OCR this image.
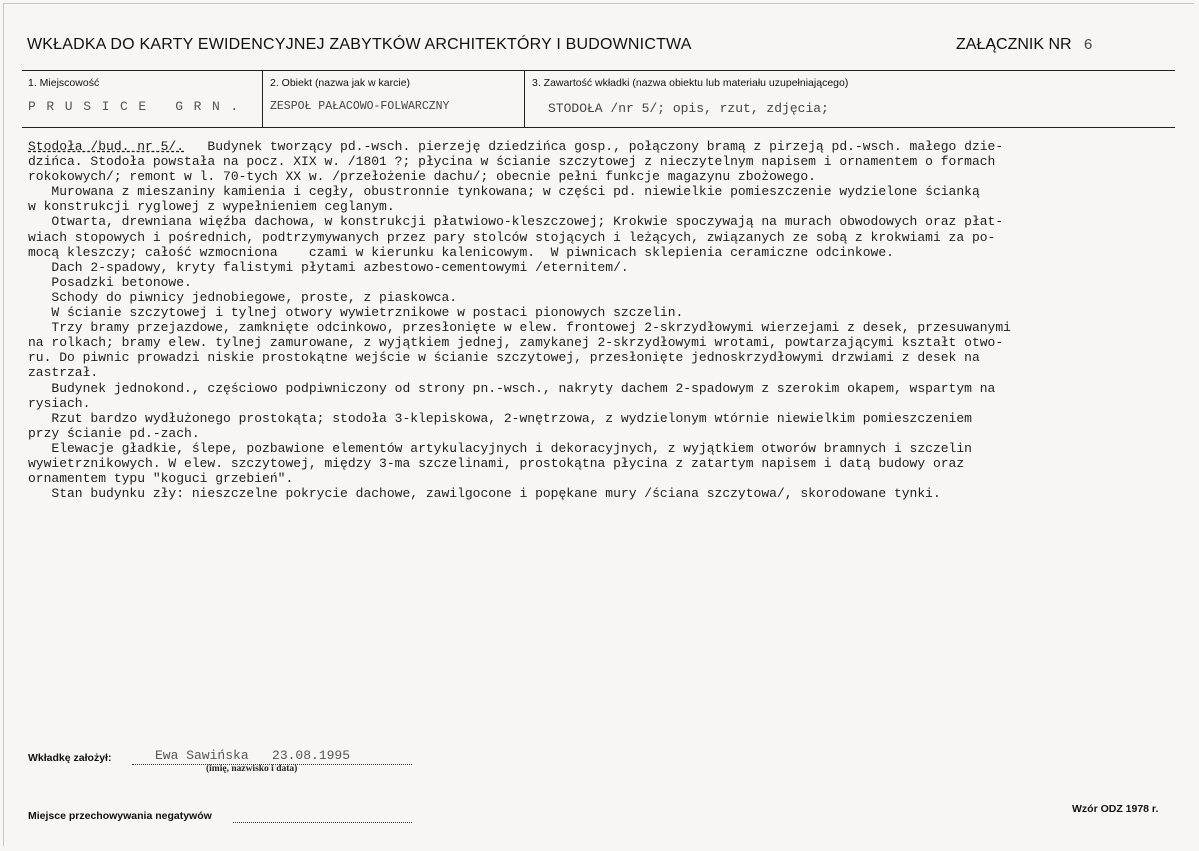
WKŁADKA DO KARTY EWIDENCYJNEJ ZABYTKÓW ARCHITEKTÓRY I BUDOWNICTWA	ZAŁĄCZNIK NR 6
1. Miejscowość
P R U S I C E   G R N .
2. Obiekt (nazwa jak w karcie)
ZESPOŁ PAŁACOWO-FOLWARCZNY
3. Zawartość wkładki (nazwa obiektu lub materiału uzupełniającego)
STODOŁA /nr 5/; opis, rzut, zdjęcia;
Stodoła /bud. nr 5/.   Budynek tworzący pd.-wsch. pierzeję dziedzińca gosp., połączony bramą z pirzeją pd.-wsch. małego dzie-
dzińca. Stodoła powstała na pocz. XIX w. /1801 ?; płycina w ścianie szczytowej z nieczytelnym napisem i ornamentem o formach
rokokowych/; remont w l. 70-tych XX w. /przełożenie dachu/; obecnie pełni funkcje magazynu zbożowego.
Murowana z mieszaniny kamienia i cegły, obustronnie tynkowana; w części pd. niewielkie pomieszczenie wydzielone ścianką
w konstrukcji ryglowej z wypełnieniem ceglanym.
Otwarta, drewniana więźba dachowa, w konstrukcji płatwiowo-kleszczowej; Krokwie spoczywają na murach obwodowych oraz płat-
wiach stopowych i pośrednich, podtrzymywanych przez pary stolców stojących i leżących, związanych ze sobą z krokwiami za po-
mocą kleszczy; całość wzmocniona    czami w kierunku kalenicowym.  W piwnicach sklepienia ceramiczne odcinkowe.
Dach 2-spadowy, kryty falistymi płytami azbestowo-cementowymi /eternitem/.
Posadzki betonowe.
Schody do piwnicy jednobiegowe, proste, z piaskowca.
W ścianie szczytowej i tylnej otwory wywietrznikowe w postaci pionowych szczelin.
Trzy bramy przejazdowe, zamknięte odcinkowo, przesłonięte w elew. frontowej 2-skrzydłowymi wierzejami z desek, przesuwanymi
na rolkach; bramy elew. tylnej zamurowane, z wyjątkiem jednej, zamykanej 2-skrzydłowymi wrotami, powtarzającymi kształt otwo-
ru. Do piwnic prowadzi niskie prostokątne wejście w ścianie szczytowej, przesłonięte jednoskrzydłowymi drzwiami z desek na
zastrzał.
Budynek jednokond., częściowo podpiwniczony od strony pn.-wsch., nakryty dachem 2-spadowym z szerokim okapem, wspartym na
rysiach.
Rzut bardzo wydłużonego prostokąta; stodoła 3-klepiskowa, 2-wnętrzowa, z wydzielonym wtórnie niewielkim pomieszczeniem
przy ścianie pd.-zach.
Elewacje gładkie, ślepe, pozbawione elementów artykulacyjnych i dekoracyjnych, z wyjątkiem otworów bramnych i szczelin
wywietrznikowych. W elew. szczytowej, między 3-ma szczelinami, prostokątna płycina z zatartym napisem i datą budowy oraz
ornamentem typu "koguci grzebień".
Stan budynku zły: nieszczelne pokrycie dachowe, zawilgocone i popękane mury /ściana szczytowa/, skorodowane tynki.
Wkładkę założył:	Ewa Sawińska   23.08.1995
(imię, nazwisko i data)
Miejsce przechowywania negatywów
Wzór ODZ 1978 r.
